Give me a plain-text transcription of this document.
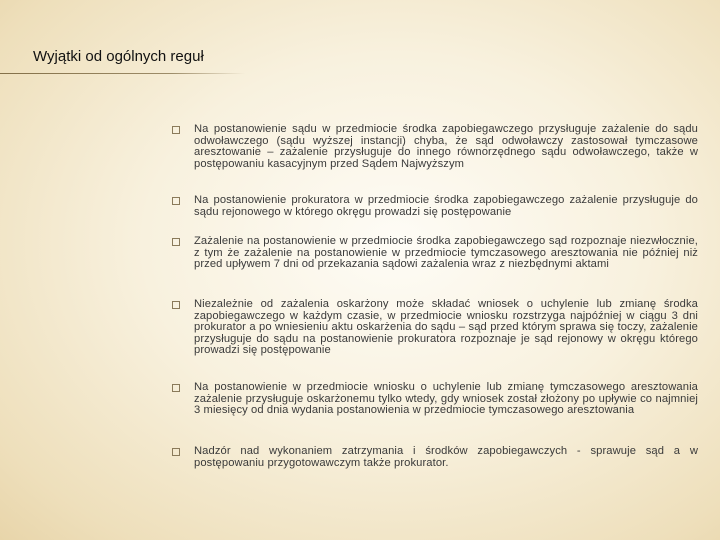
Wyjątki od ogólnych reguł
Na postanowienie sądu w przedmiocie środka zapobiegawczego przysługuje zażalenie do sądu odwoławczego (sądu wyższej instancji) chyba, że sąd odwoławczy zastosował tymczasowe aresztowanie – zażalenie przysługuje do innego równorzędnego sądu odwoławczego, także w postępowaniu kasacyjnym przed Sądem Najwyższym
Na postanowienie prokuratora w przedmiocie środka zapobiegawczego zażalenie przysługuje do sądu rejonowego w którego okręgu prowadzi się postępowanie
Zażalenie na postanowienie w przedmiocie środka zapobiegawczego sąd rozpoznaje niezwłocznie, z tym że zażalenie na postanowienie w przedmiocie tymczasowego aresztowania nie później niż przed upływem 7 dni od przekazania sądowi zażalenia wraz z niezbędnymi aktami
Niezależnie od zażalenia oskarżony może składać wniosek o uchylenie lub zmianę środka zapobiegawczego w każdym czasie, w przedmiocie wniosku rozstrzyga najpóźniej w ciągu 3 dni prokurator a po wniesieniu aktu oskarżenia do sądu – sąd przed którym sprawa się toczy, zażalenie przysługuje do sądu na postanowienie prokuratora rozpoznaje je sąd rejonowy w okręgu którego prowadzi się postępowanie
Na postanowienie w przedmiocie wniosku o uchylenie lub zmianę tymczasowego aresztowania zażalenie przysługuje oskarżonemu tylko wtedy, gdy wniosek został złożony po upływie co najmniej 3 miesięcy od dnia wydania postanowienia w przedmiocie tymczasowego aresztowania
Nadzór nad wykonaniem zatrzymania i środków zapobiegawczych - sprawuje sąd a w postępowaniu przygotowawczym także prokurator.
